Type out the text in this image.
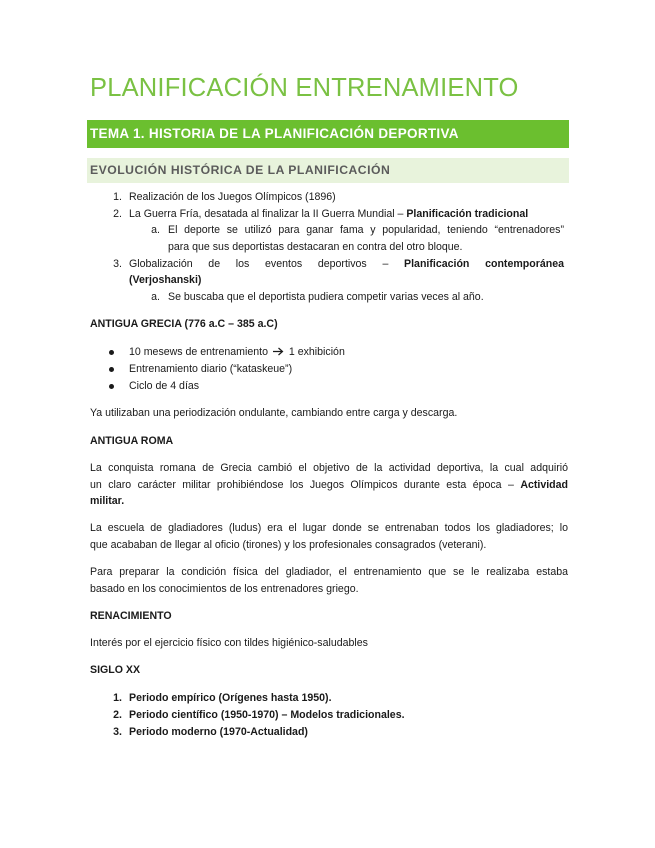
PLANIFICACIÓN ENTRENAMIENTO
TEMA 1. HISTORIA DE LA PLANIFICACIÓN DEPORTIVA
EVOLUCIÓN HISTÓRICA DE LA PLANIFICACIÓN
1. Realización de los Juegos Olímpicos (1896)
2. La Guerra Fría, desatada al finalizar la II Guerra Mundial – Planificación tradicional
a. El deporte se utilizó para ganar fama y popularidad, teniendo “entrenadores”
para que sus deportistas destacaran en contra del otro bloque.
3. Globalización de los eventos deportivos – Planificación contemporánea
(Verjoshanski)
a. Se buscaba que el deportista pudiera competir varias veces al año.
ANTIGUA GRECIA (776 a.C – 385 a.C)
10 mesews de entrenamiento 1 exhibición
Entrenamiento diario (“kataskeue”)
Ciclo de 4 días
Ya utilizaban una periodización ondulante, cambiando entre carga y descarga.
ANTIGUA ROMA
La conquista romana de Grecia cambió el objetivo de la actividad deportiva, la cual adquirió
un claro carácter militar prohibiéndose los Juegos Olímpicos durante esta época – Actividad
militar.
La escuela de gladiadores (ludus) era el lugar donde se entrenaban todos los gladiadores; lo
que acababan de llegar al oficio (tirones) y los profesionales consagrados (veterani).
Para preparar la condición física del gladiador, el entrenamiento que se le realizaba estaba
basado en los conocimientos de los entrenadores griego.
RENACIMIENTO
Interés por el ejercicio físico con tildes higiénico-saludables
SIGLO XX
1. Periodo empírico (Orígenes hasta 1950).
2. Periodo científico (1950-1970) – Modelos tradicionales.
3. Periodo moderno (1970-Actualidad)
